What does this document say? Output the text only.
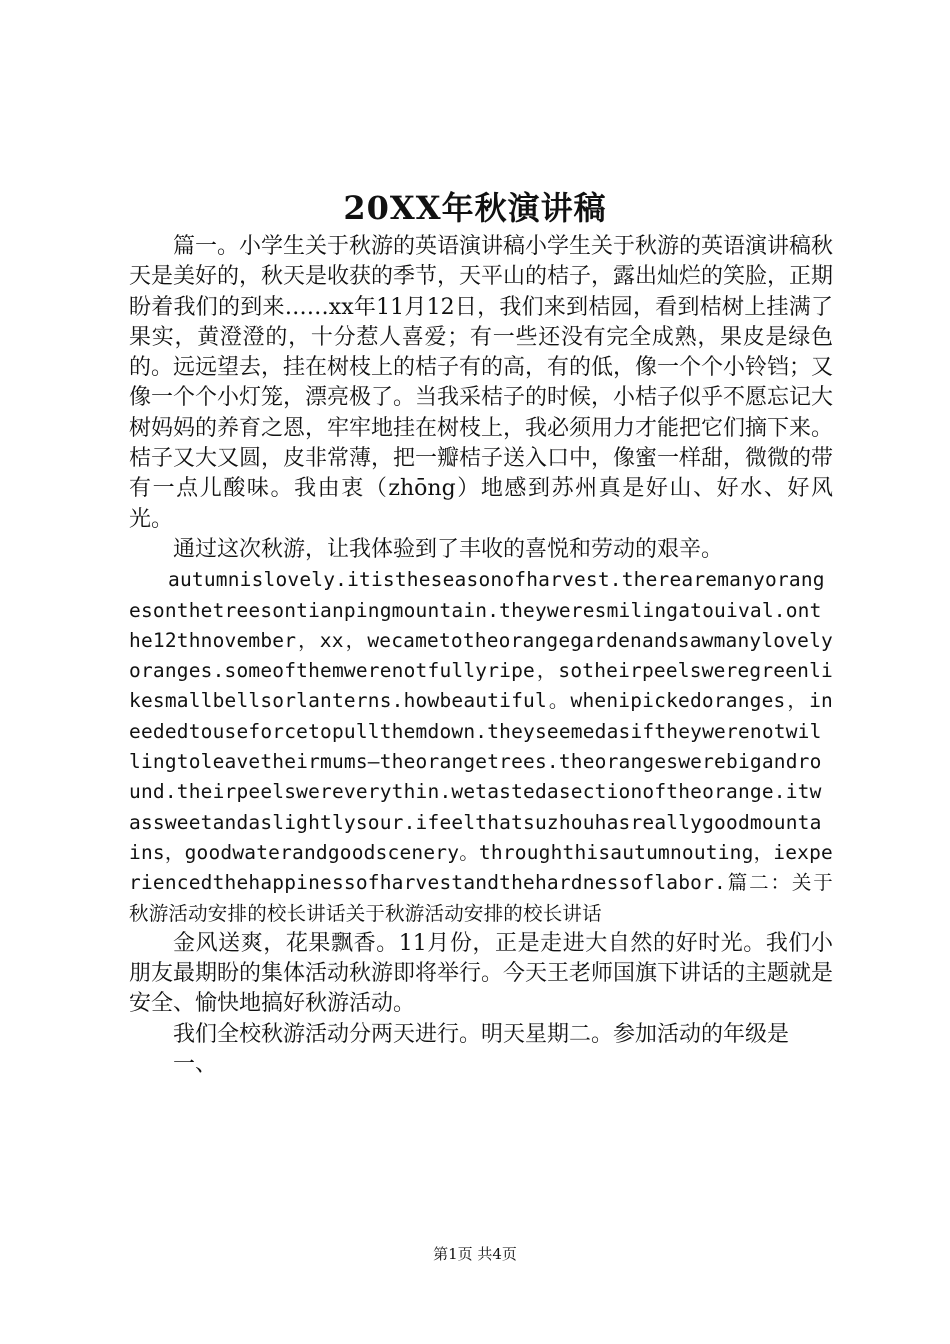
20XX年秋演讲稿

篇一。小学生关于秋游的英语演讲稿小学生关于秋游的英语演讲稿秋天是美好的，秋天是收获的季节，天平山的桔子，露出灿烂的笑脸，正期盼着我们的到来……xx年11月12日，我们来到桔园，看到桔树上挂满了果实，黄澄澄的，十分惹人喜爱；有一些还没有完全成熟，果皮是绿色的。远远望去，挂在树枝上的桔子有的高，有的低，像一个个小铃铛；又像一个个小灯笼，漂亮极了。当我采桔子的时候，小桔子似乎不愿忘记大树妈妈的养育之恩，牢牢地挂在树枝上，我必须用力才能把它们摘下来。桔子又大又圆，皮非常薄，把一瓣桔子送入口中，像蜜一样甜，微微的带有一点儿酸味。我由衷（zhōng）地感到苏州真是好山、好水、好风光。

通过这次秋游，让我体验到了丰收的喜悦和劳动的艰辛。

autumnislovely.itistheseasonofharvest.therearemanyorangesonthetreesontianpingmountain.theyweresmilingatouival.onthe12thnovember，xx，wecametotheorangegardenandsawmanylovelyoranges.someofthemwerenotfullyripe，sotheirpeelsweregreenlikesmallbellsorlanterns.howbeautiful。whenipickedoranges，ineededtouseforcetopullthemdown.theyseemedasiftheywerenotwillingtoleavetheirmums—theorangetrees.theorangeswerebigandround.theirpeelswereverythin.wetastedasectionoftheorange.itwassweetandaslightlysour.ifeelthatsuzhouhasreallygoodmountains，goodwaterandgoodscenery。throughthisautumnouting，iexperiencedthehappinessofharvestandthehardnessoflabor.篇二：关于秋游活动安排的校长讲话关于秋游活动安排的校长讲话

金风送爽，花果飘香。11月份，正是走进大自然的好时光。我们小朋友最期盼的集体活动秋游即将举行。今天王老师国旗下讲话的主题就是安全、愉快地搞好秋游活动。

我们全校秋游活动分两天进行。明天星期二。参加活动的年级是

一、

第1页 共4页
